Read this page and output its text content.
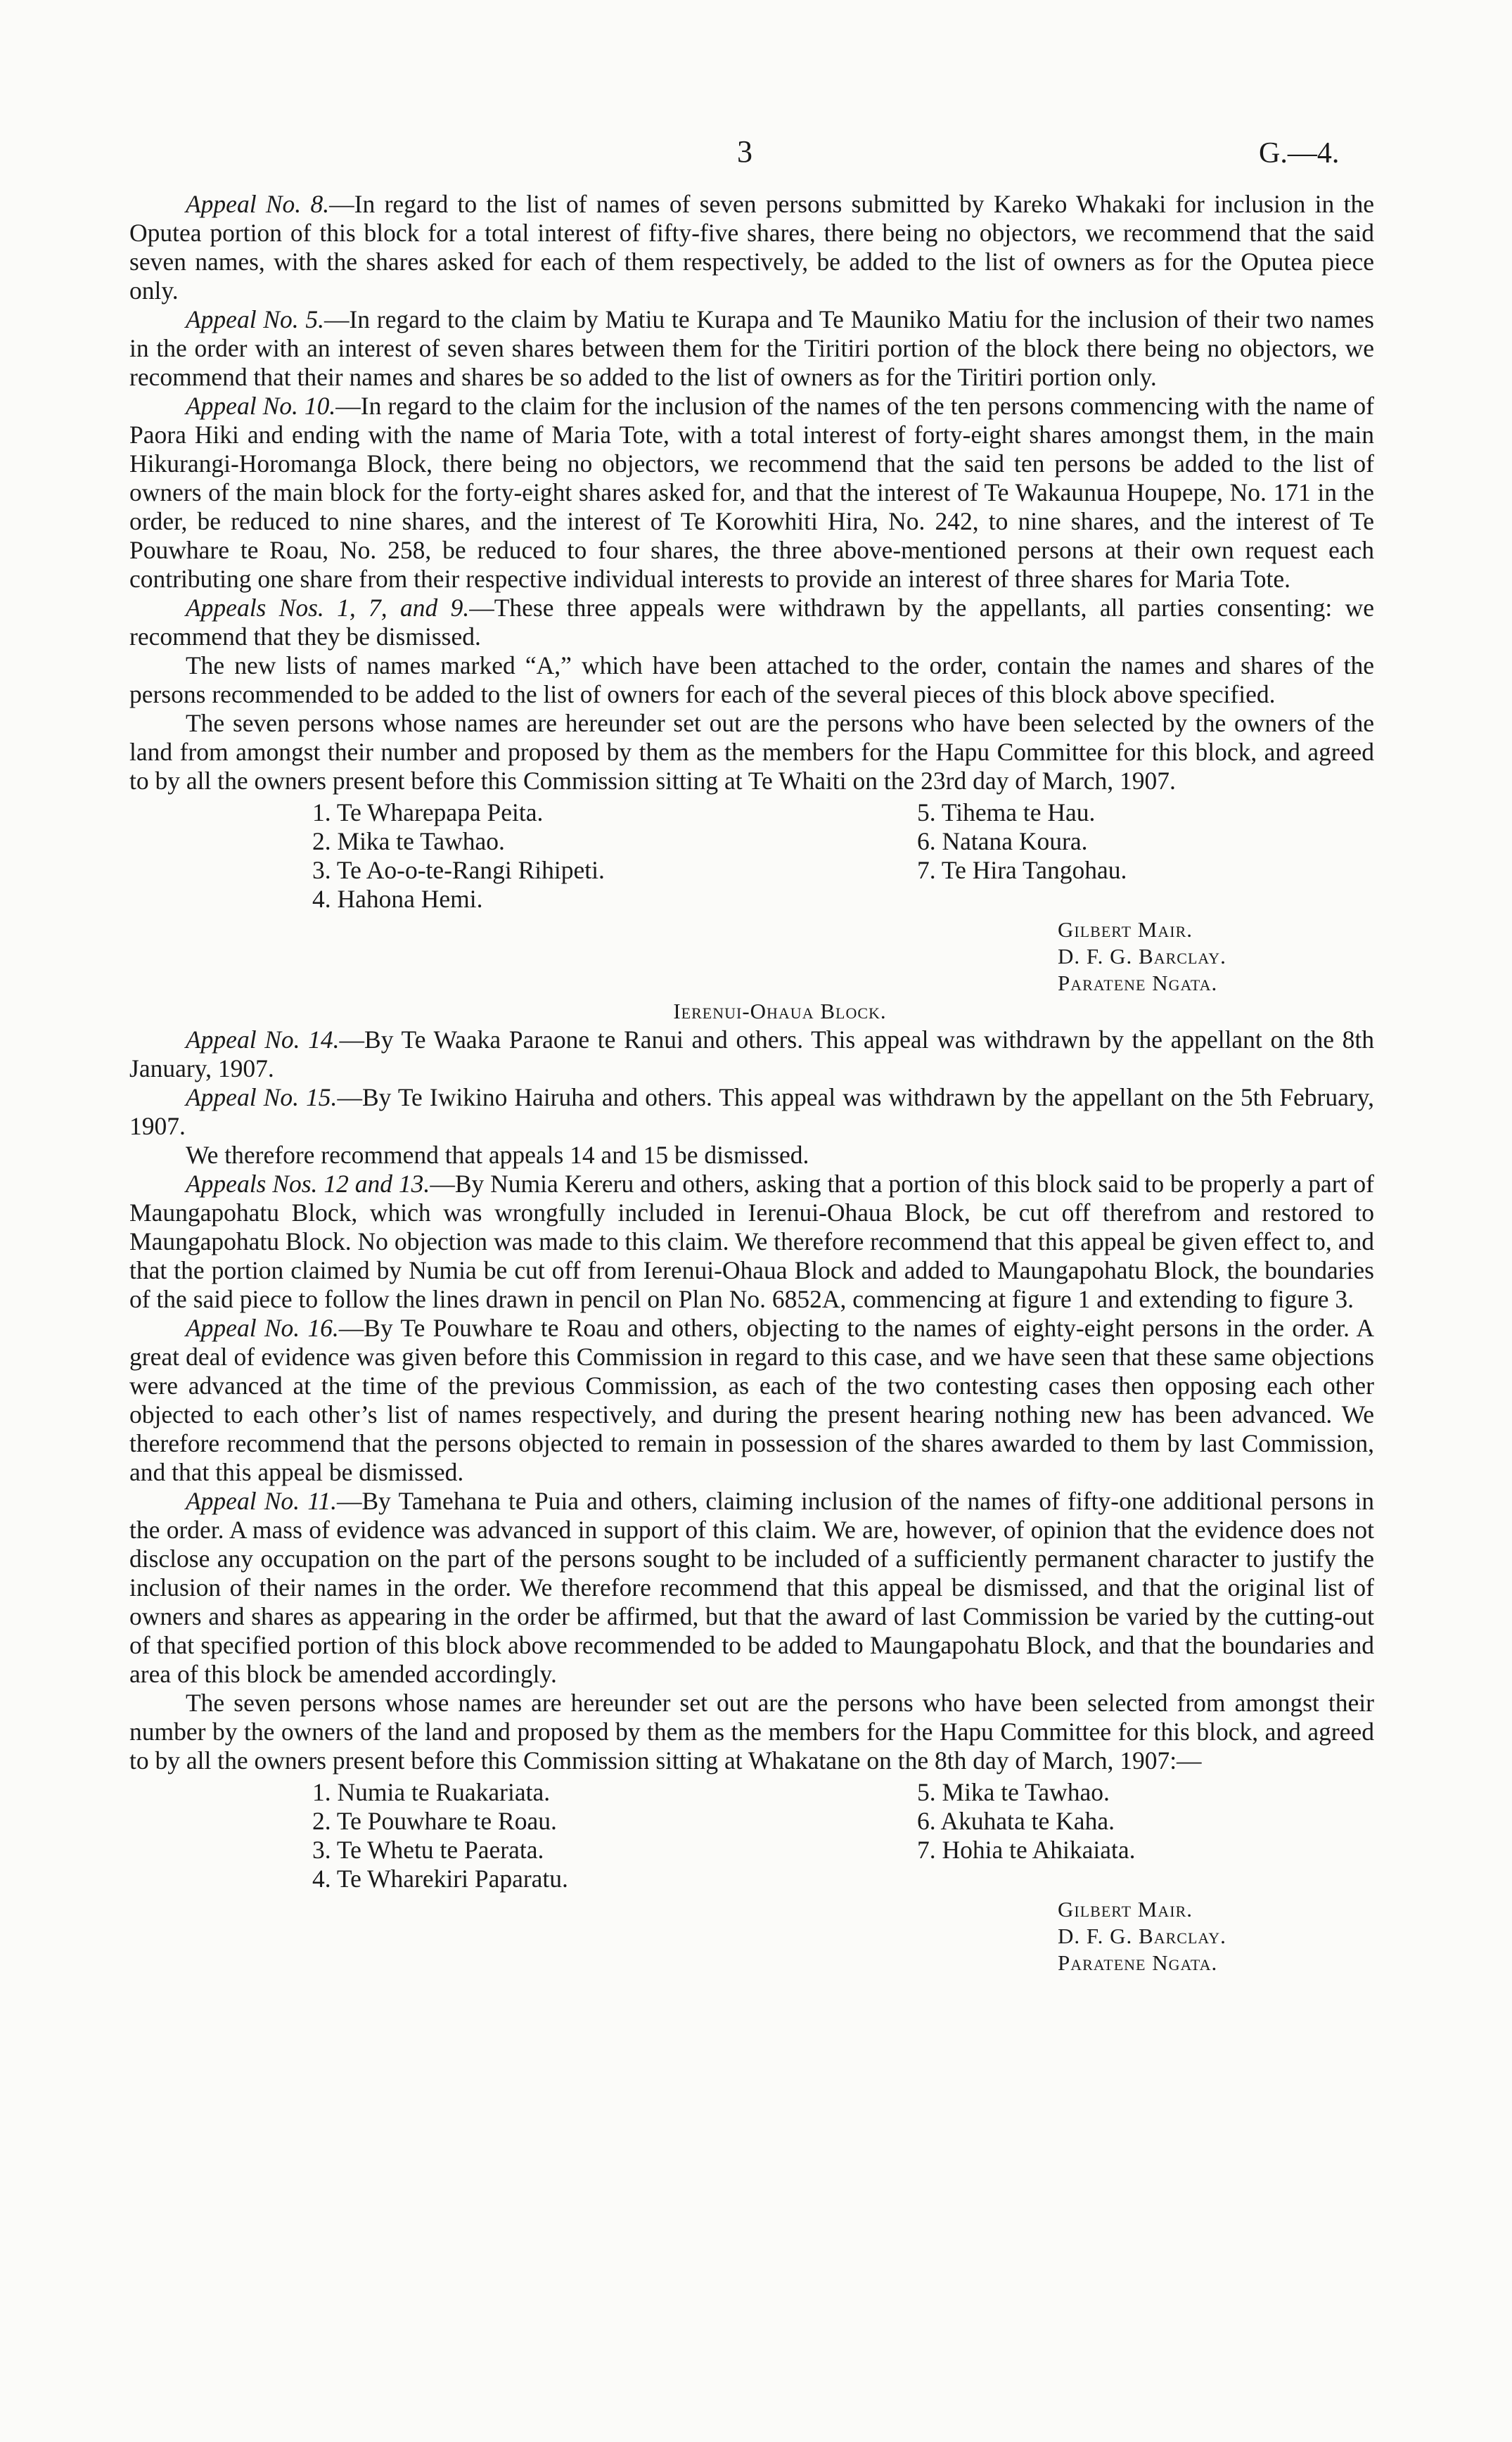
3	G.—4.

Appeal No. 8.—In regard to the list of names of seven persons submitted by Kareko Whakaki for inclusion in the Oputea portion of this block for a total interest of fifty-five shares, there being no objectors, we recommend that the said seven names, with the shares asked for each of them respectively, be added to the list of owners as for the Oputea piece only.

Appeal No. 5.—In regard to the claim by Matiu te Kurapa and Te Mauniko Matiu for the inclusion of their two names in the order with an interest of seven shares between them for the Tiritiri portion of the block there being no objectors, we recommend that their names and shares be so added to the list of owners as for the Tiritiri portion only.

Appeal No. 10.—In regard to the claim for the inclusion of the names of the ten persons commencing with the name of Paora Hiki and ending with the name of Maria Tote, with a total interest of forty-eight shares amongst them, in the main Hikurangi-Horomanga Block, there being no objectors, we recommend that the said ten persons be added to the list of owners of the main block for the forty-eight shares asked for, and that the interest of Te Wakaunua Houpepe, No. 171 in the order, be reduced to nine shares, and the interest of Te Korowhiti Hira, No. 242, to nine shares, and the interest of Te Pouwhare te Roau, No. 258, be reduced to four shares, the three above-mentioned persons at their own request each contributing one share from their respective individual interests to provide an interest of three shares for Maria Tote.

Appeals Nos. 1, 7, and 9.—These three appeals were withdrawn by the appellants, all parties consenting: we recommend that they be dismissed.

The new lists of names marked “A,” which have been attached to the order, contain the names and shares of the persons recommended to be added to the list of owners for each of the several pieces of this block above specified.

The seven persons whose names are hereunder set out are the persons who have been selected by the owners of the land from amongst their number and proposed by them as the members for the Hapu Committee for this block, and agreed to by all the owners present before this Commission sitting at Te Whaiti on the 23rd day of March, 1907.

1. Te Wharepapa Peita.	5. Tihema te Hau.
2. Mika te Tawhao.	6. Natana Koura.
3. Te Ao-o-te-Rangi Rihipeti.	7. Te Hira Tangohau.
4. Hahona Hemi.
Gilbert Mair.
D. F. G. Barclay.
Paratene Ngata.

Ierenui-Ohaua Block.

Appeal No. 14.—By Te Waaka Paraone te Ranui and others. This appeal was withdrawn by the appellant on the 8th January, 1907.

Appeal No. 15.—By Te Iwikino Hairuha and others. This appeal was withdrawn by the appellant on the 5th February, 1907.

We therefore recommend that appeals 14 and 15 be dismissed.

Appeals Nos. 12 and 13.—By Numia Kereru and others, asking that a portion of this block said to be properly a part of Maungapohatu Block, which was wrongfully included in Ierenui-Ohaua Block, be cut off therefrom and restored to Maungapohatu Block. No objection was made to this claim. We therefore recommend that this appeal be given effect to, and that the portion claimed by Numia be cut off from Ierenui-Ohaua Block and added to Maungapohatu Block, the boundaries of the said piece to follow the lines drawn in pencil on Plan No. 6852A, commencing at figure 1 and extending to figure 3.

Appeal No. 16.—By Te Pouwhare te Roau and others, objecting to the names of eighty-eight persons in the order. A great deal of evidence was given before this Commission in regard to this case, and we have seen that these same objections were advanced at the time of the previous Commission, as each of the two contesting cases then opposing each other objected to each other’s list of names respectively, and during the present hearing nothing new has been advanced. We therefore recommend that the persons objected to remain in possession of the shares awarded to them by last Commission, and that this appeal be dismissed.

Appeal No. 11.—By Tamehana te Puia and others, claiming inclusion of the names of fifty-one additional persons in the order. A mass of evidence was advanced in support of this claim. We are, however, of opinion that the evidence does not disclose any occupation on the part of the persons sought to be included of a sufficiently permanent character to justify the inclusion of their names in the order. We therefore recommend that this appeal be dismissed, and that the original list of owners and shares as appearing in the order be affirmed, but that the award of last Commission be varied by the cutting-out of that specified portion of this block above recommended to be added to Maungapohatu Block, and that the boundaries and area of this block be amended accordingly.

The seven persons whose names are hereunder set out are the persons who have been selected from amongst their number by the owners of the land and proposed by them as the members for the Hapu Committee for this block, and agreed to by all the owners present before this Commission sitting at Whakatane on the 8th day of March, 1907:—

1. Numia te Ruakariata.	5. Mika te Tawhao.
2. Te Pouwhare te Roau.	6. Akuhata te Kaha.
3. Te Whetu te Paerata.	7. Hohia te Ahikaiata.
4. Te Wharekiri Paparatu.
Gilbert Mair.
D. F. G. Barclay.
Paratene Ngata.
